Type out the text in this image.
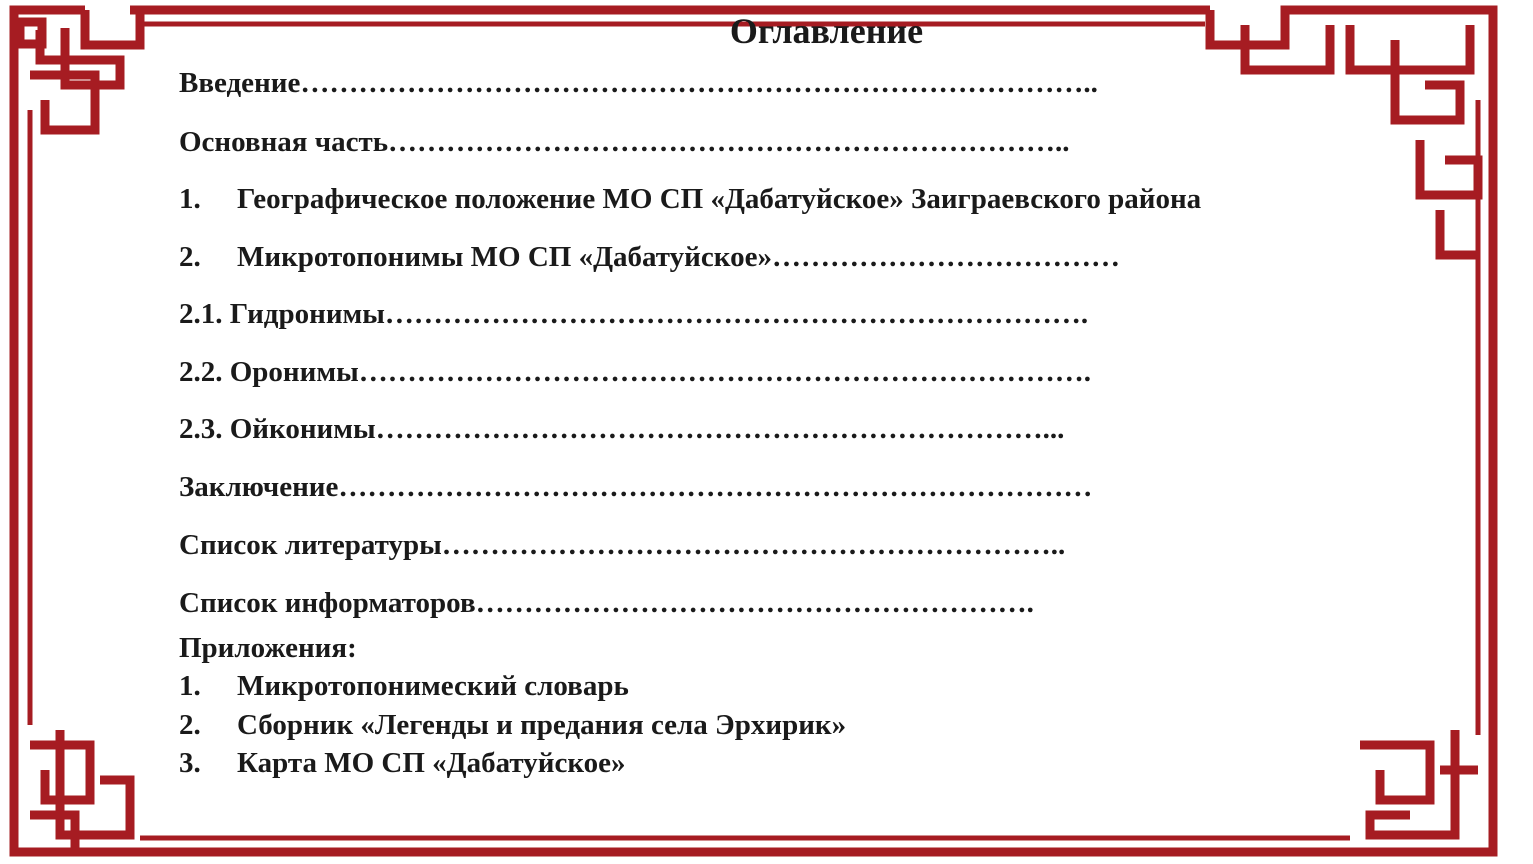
Оглавление
Введение………………………………………………………………………..
Основная часть……………………………………………………………..
1. Географическое положение МО СП «Дабатуйское» Заиграевского района
2. Микротопонимы МО СП «Дабатуйское»………………………………
2.1. Гидронимы……………………………………………………………….
2.2. Оронимы………………………………………………………………….
2.3. Ойконимы……………………………………………………………...
Заключение……………………………………………………………………
Список литературы………………………………………………………..
Список информаторов………………………………………………….
Приложения:
1. Микротопонимеский словарь
2. Сборник «Легенды и предания села Эрхирик»
3. Карта МО СП «Дабатуйское»
